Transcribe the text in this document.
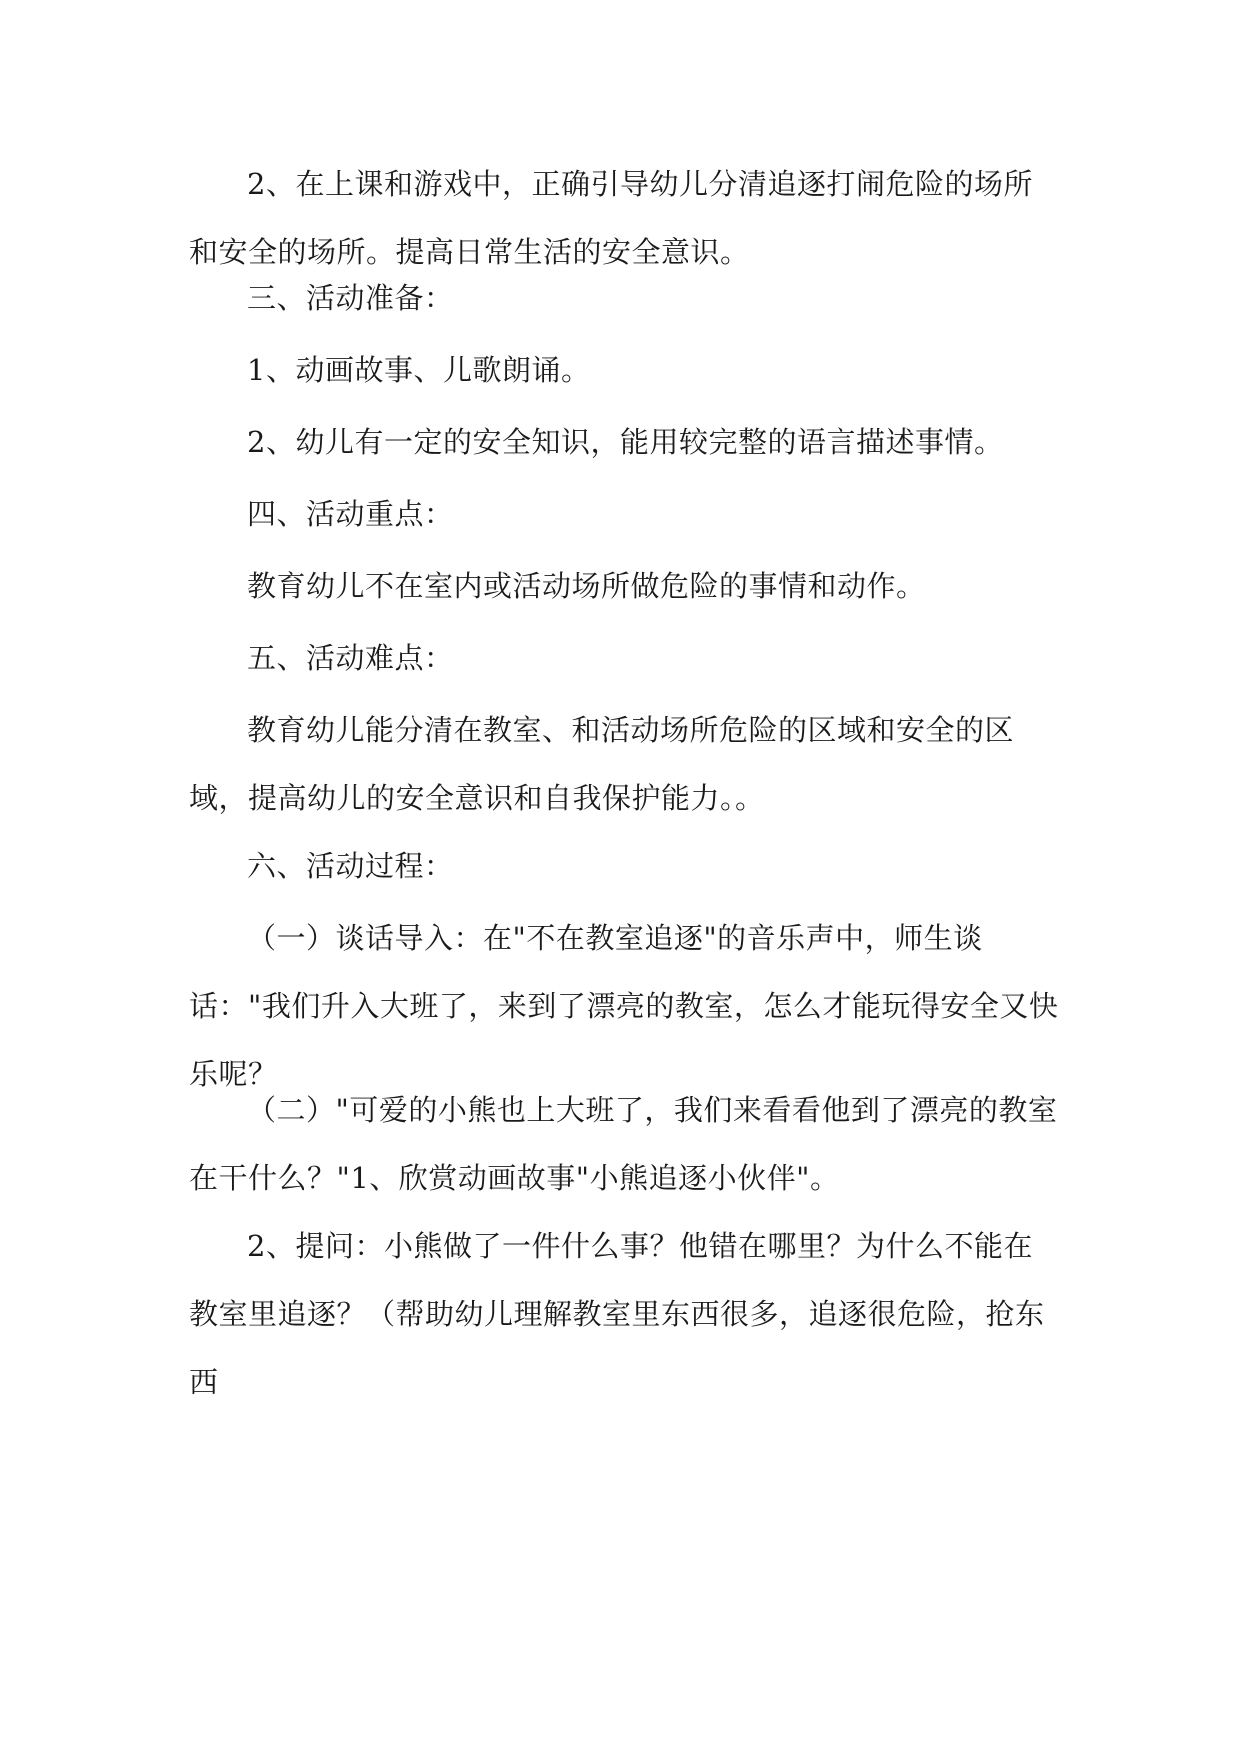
2、在上课和游戏中，正确引导幼儿分清追逐打闹危险的场所和安全的场所。提高日常生活的安全意识。

三、活动准备：

1、动画故事、儿歌朗诵。

2、幼儿有一定的安全知识，能用较完整的语言描述事情。

四、活动重点：

教育幼儿不在室内或活动场所做危险的事情和动作。

五、活动难点：

教育幼儿能分清在教室、和活动场所危险的区域和安全的区域，提高幼儿的安全意识和自我保护能力。。

六、活动过程：

（一）谈话导入：在"不在教室追逐"的音乐声中，师生谈话："我们升入大班了，来到了漂亮的教室，怎么才能玩得安全又快乐呢？

（二）"可爱的小熊也上大班了，我们来看看他到了漂亮的教室在干什么？"1、欣赏动画故事"小熊追逐小伙伴"。

2、提问：小熊做了一件什么事？他错在哪里？为什么不能在教室里追逐？（帮助幼儿理解教室里东西很多，追逐很危险，抢东西
